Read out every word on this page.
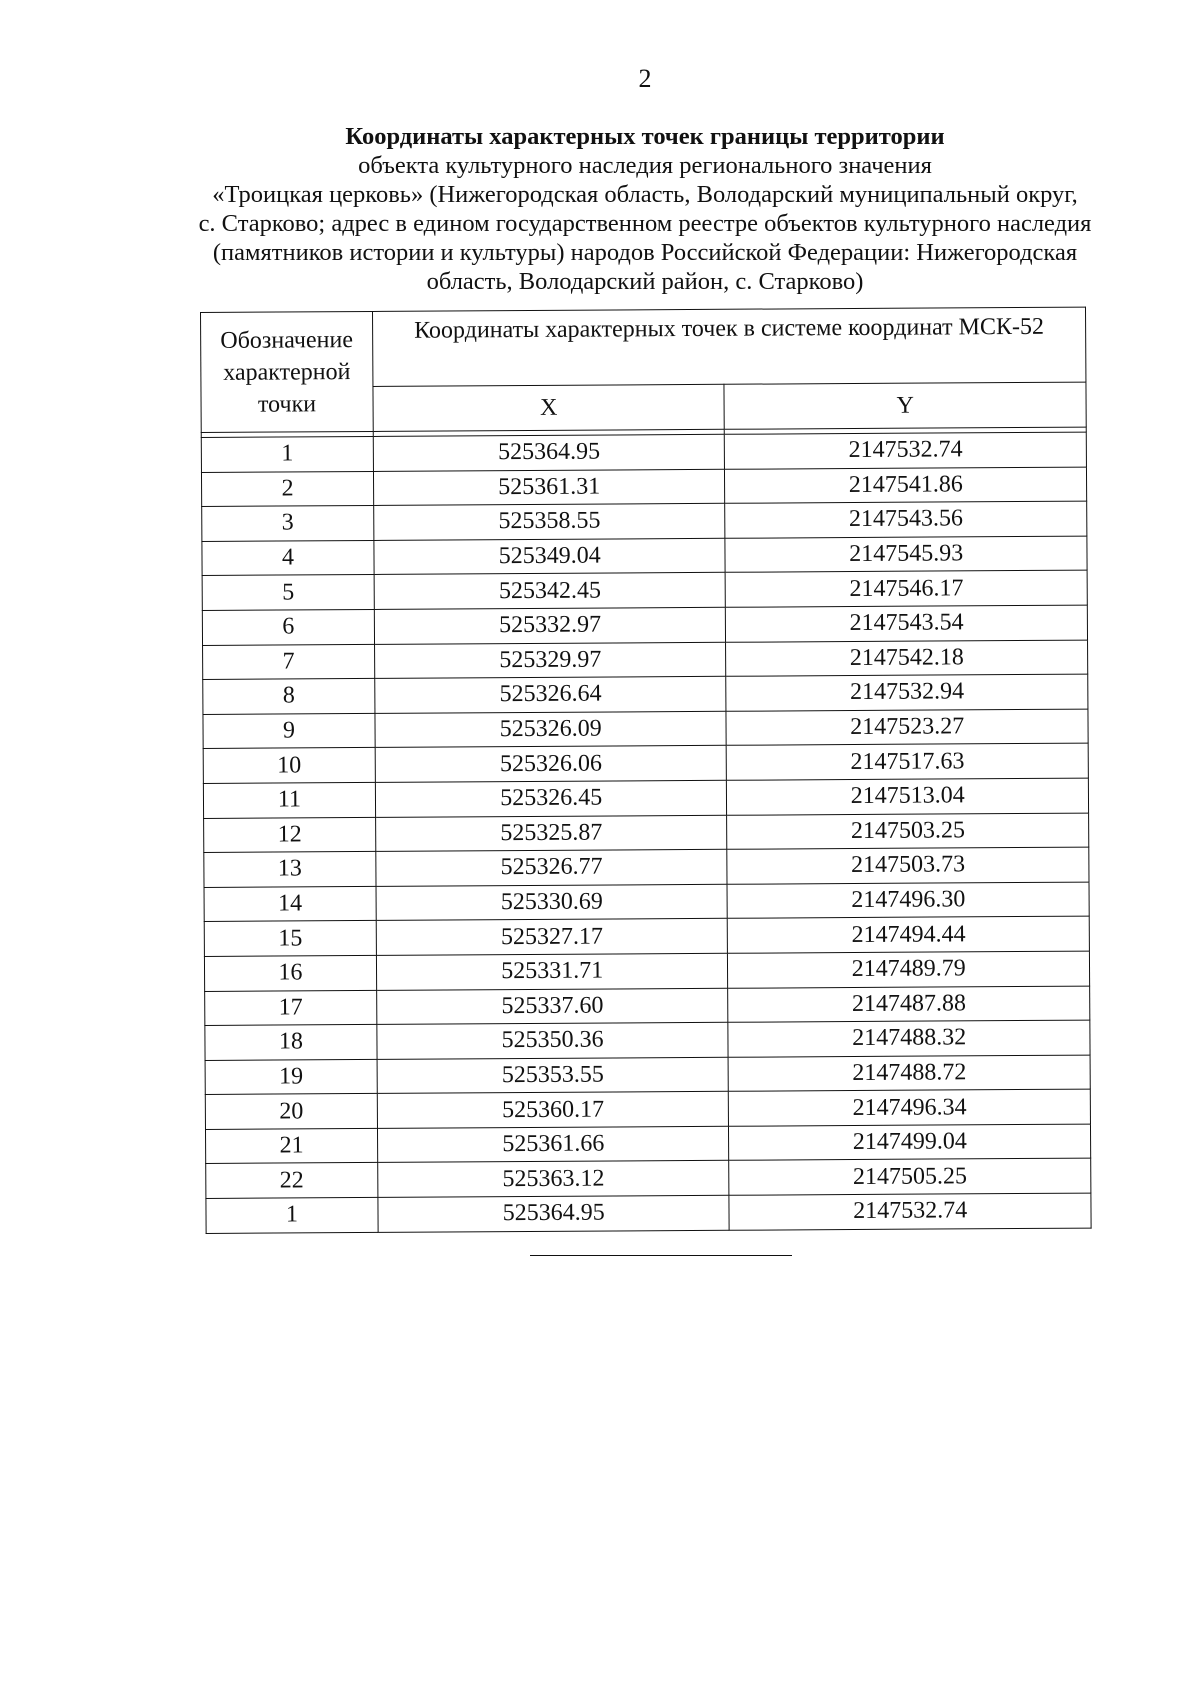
2
Координаты характерных точек границы территории
объекта культурного наследия регионального значения
«Троицкая церковь» (Нижегородская область, Володарский муниципальный округ,
с. Старково; адрес в едином государственном реестре объектов культурного наследия
(памятников истории и культуры) народов Российской Федерации: Нижегородская
область, Володарский район, с. Старково)
Обозначение характерной точки	Координаты характерных точек в системе координат МСК-52	
	X	Y

1	525364.95	2147532.74
2	525361.31	2147541.86
3	525358.55	2147543.56
4	525349.04	2147545.93
5	525342.45	2147546.17
6	525332.97	2147543.54
7	525329.97	2147542.18
8	525326.64	2147532.94
9	525326.09	2147523.27
10	525326.06	2147517.63
11	525326.45	2147513.04
12	525325.87	2147503.25
13	525326.77	2147503.73
14	525330.69	2147496.30
15	525327.17	2147494.44
16	525331.71	2147489.79
17	525337.60	2147487.88
18	525350.36	2147488.32
19	525353.55	2147488.72
20	525360.17	2147496.34
21	525361.66	2147499.04
22	525363.12	2147505.25
1	525364.95	2147532.74
